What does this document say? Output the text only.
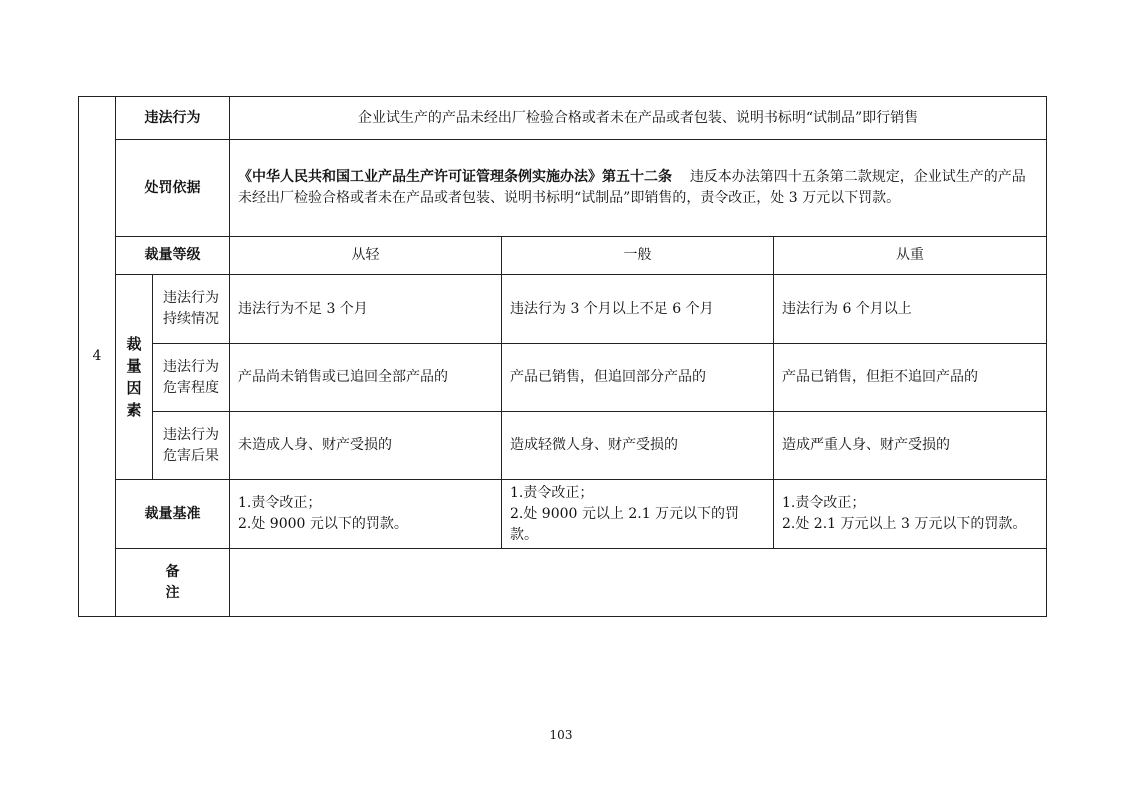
4	违法行为		企业试生产的产品未经出厂检验合格或者未在产品或者包装、说明书标明“试制品”即行销售		
	处罚依据		《中华人民共和国工业产品生产许可证管理条例实施办法》第五十二条 违反本办法第四十五条第二款规定，企业试生产的产品未经出厂检验合格或者未在产品或者包装、说明书标明“试制品”即销售的，责令改正，处 3 万元以下罚款。		
	裁量等级		从轻	一般	从重
	裁量因素	违法行为持续情况	违法行为不足 3 个月	违法行为 3 个月以上不足 6 个月	违法行为 6 个月以上
		违法行为危害程度	产品尚未销售或已追回全部产品的	产品已销售，但追回部分产品的	产品已销售，但拒不追回产品的
		违法行为危害后果	未造成人身、财产受损的	造成轻微人身、财产受损的	造成严重人身、财产受损的
	裁量基准		1.责令改正；
2.处 9000 元以下的罚款。	1.责令改正；
2.处 9000 元以上 2.1 万元以下的罚款。	1.责令改正；
2.处 2.1 万元以上 3 万元以下的罚款。

	备注				
103
